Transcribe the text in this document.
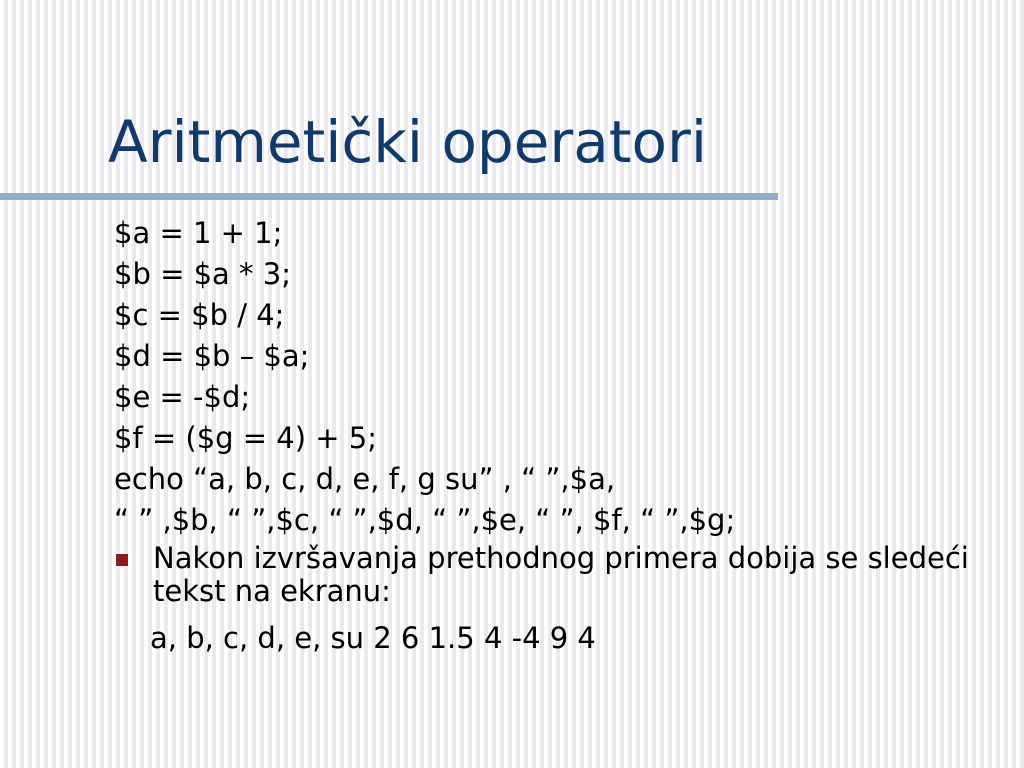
Aritmetički operatori
$a = 1 + 1;
$b = $a * 3;
$c = $b / 4;
$d = $b – $a;
$e = -$d;
$f = ($g = 4) + 5;
echo “a, b, c, d, e, f, g su” , “ ”,$a,
“ ” ,$b, “ ”,$c, “ ”,$d, “ ”,$e, “ ”, $f, “ ”,$g;
Nakon izvršavanja prethodnog primera dobija se sledeći tekst na ekranu:
a, b, c, d, e, su 2 6 1.5 4 -4 9 4
